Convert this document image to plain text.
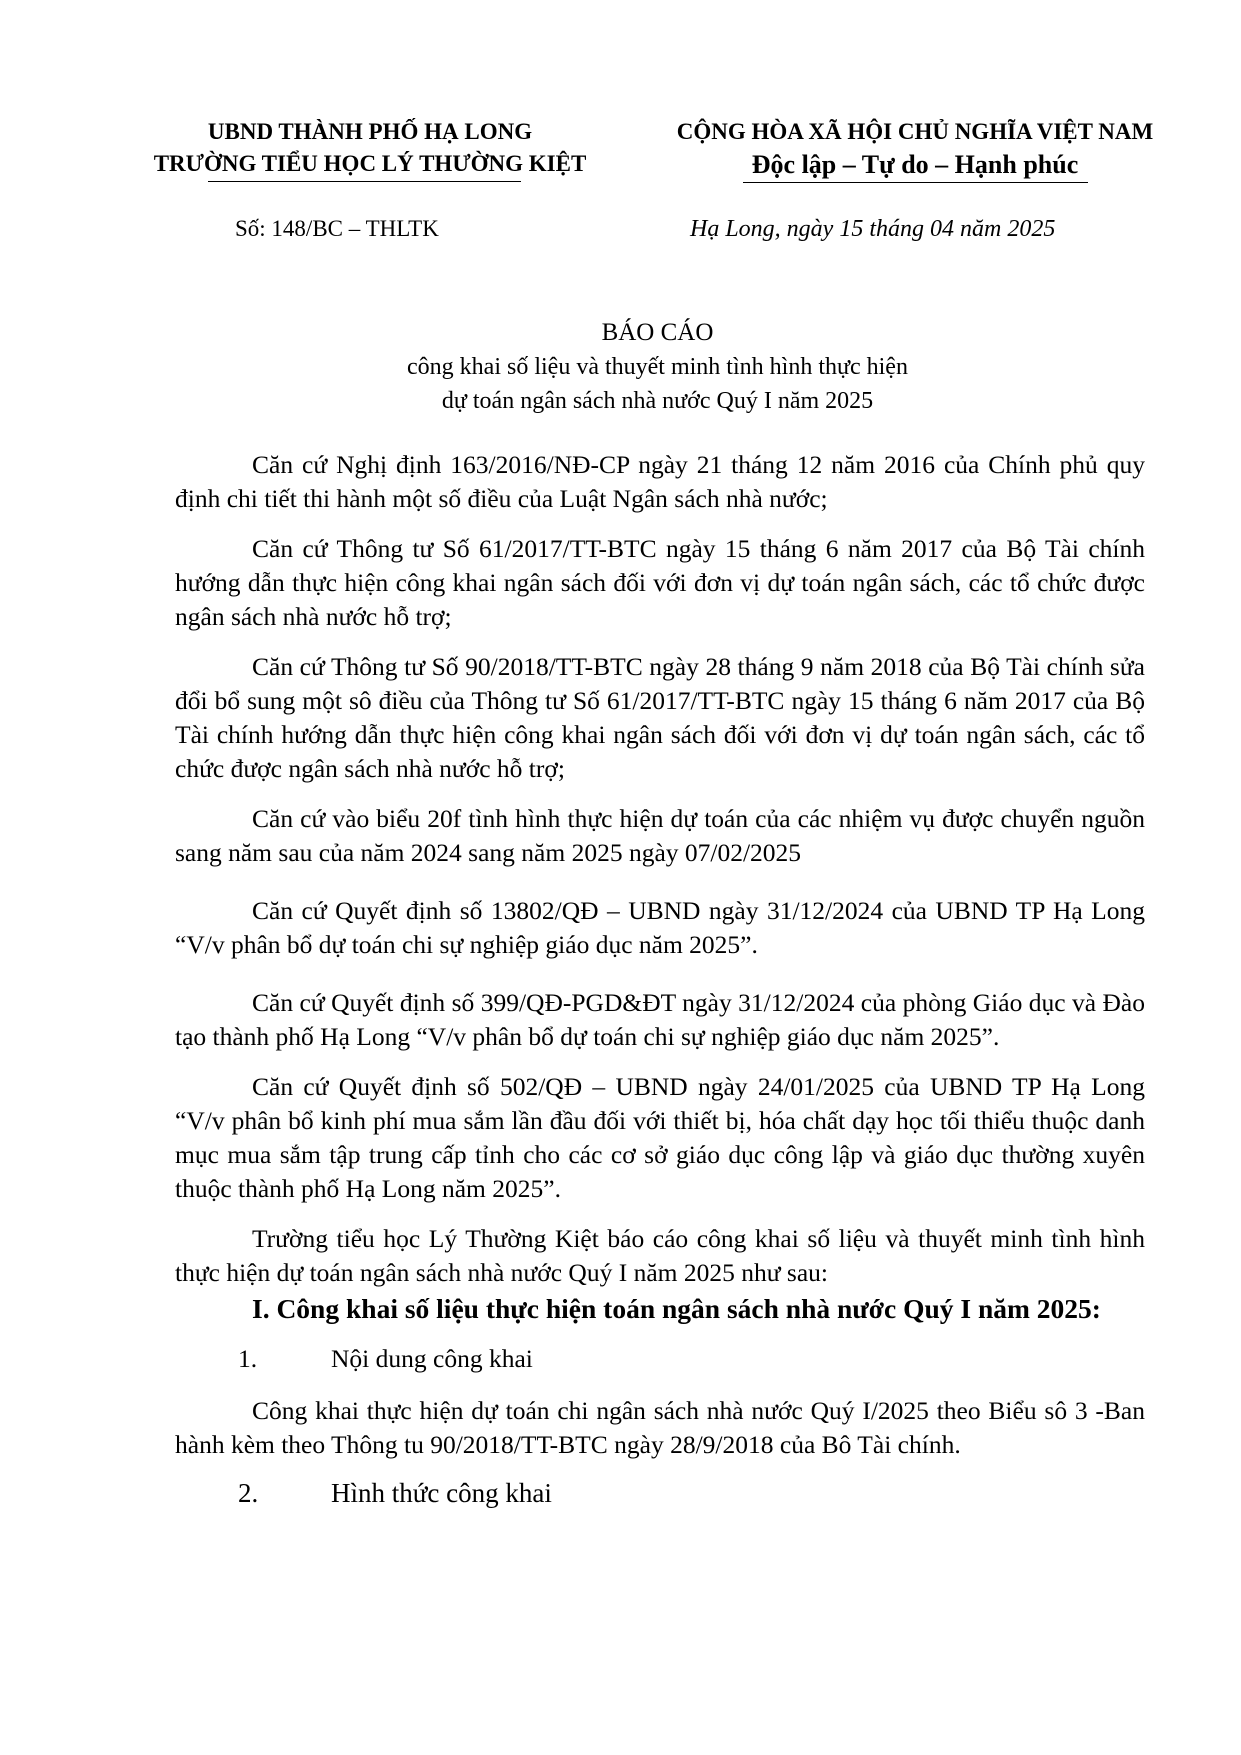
UBND THÀNH PHỐ HẠ LONG
TRƯỜNG TIỂU HỌC LÝ THƯỜNG KIỆT
CỘNG HÒA XÃ HỘI CHỦ NGHĨA VIỆT NAM
Độc lập – Tự do – Hạnh phúc
Số: 148/BC – THLTK	Hạ Long, ngày 15 tháng 04 năm 2025
BÁO CÁO
công khai số liệu và thuyết minh tình hình thực hiện
dự toán ngân sách nhà nước Quý I năm 2025

Căn cứ Nghị định 163/2016/NĐ-CP ngày 21 tháng 12 năm 2016 của Chính phủ quy định chi tiết thi hành một số điều của Luật Ngân sách nhà nước;

Căn cứ Thông tư Số 61/2017/TT-BTC ngày 15 tháng 6 năm 2017 của Bộ Tài chính hướng dẫn thực hiện công khai ngân sách đối với đơn vị dự toán ngân sách, các tổ chức được ngân sách nhà nước hỗ trợ;

Căn cứ Thông tư Số 90/2018/TT-BTC ngày 28 tháng 9 năm 2018 của Bộ Tài chính sửa đổi bổ sung một sô điều của Thông tư Số 61/2017/TT-BTC ngày 15 tháng 6 năm 2017 của Bộ Tài chính hướng dẫn thực hiện công khai ngân sách đối với đơn vị dự toán ngân sách, các tổ chức được ngân sách nhà nước hỗ trợ;

Căn cứ vào biểu 20f tình hình thực hiện dự toán của các nhiệm vụ được chuyển nguồn sang năm sau của năm 2024 sang năm 2025 ngày 07/02/2025

Căn cứ Quyết định số 13802/QĐ – UBND ngày 31/12/2024 của UBND TP Hạ Long “V/v phân bổ dự toán chi sự nghiệp giáo dục năm 2025”.

Căn cứ Quyết định số 399/QĐ-PGD&ĐT ngày 31/12/2024 của phòng Giáo dục và Đào tạo thành phố Hạ Long “V/v phân bổ dự toán chi sự nghiệp giáo dục năm 2025”.

Căn cứ Quyết định số 502/QĐ – UBND ngày 24/01/2025 của UBND TP Hạ Long “V/v phân bổ kinh phí mua sắm lần đầu đối với thiết bị, hóa chất dạy học tối thiểu thuộc danh mục mua sắm tập trung cấp tỉnh cho các cơ sở giáo dục công lập và giáo dục thường xuyên thuộc thành phố Hạ Long năm 2025”.

Trường tiểu học Lý Thường Kiệt báo cáo công khai số liệu và thuyết minh tình hình thực hiện dự toán ngân sách nhà nước Quý I năm 2025 như sau:

I. Công khai số liệu thực hiện toán ngân sách nhà nước Quý I năm 2025:

1.	Nội dung công khai

Công khai thực hiện dự toán chi ngân sách nhà nước Quý I/2025 theo Biểu sô 3 -Ban hành kèm theo Thông tu 90/2018/TT-BTC ngày 28/9/2018 của Bô Tài chính.

2.	Hình thức công khai
